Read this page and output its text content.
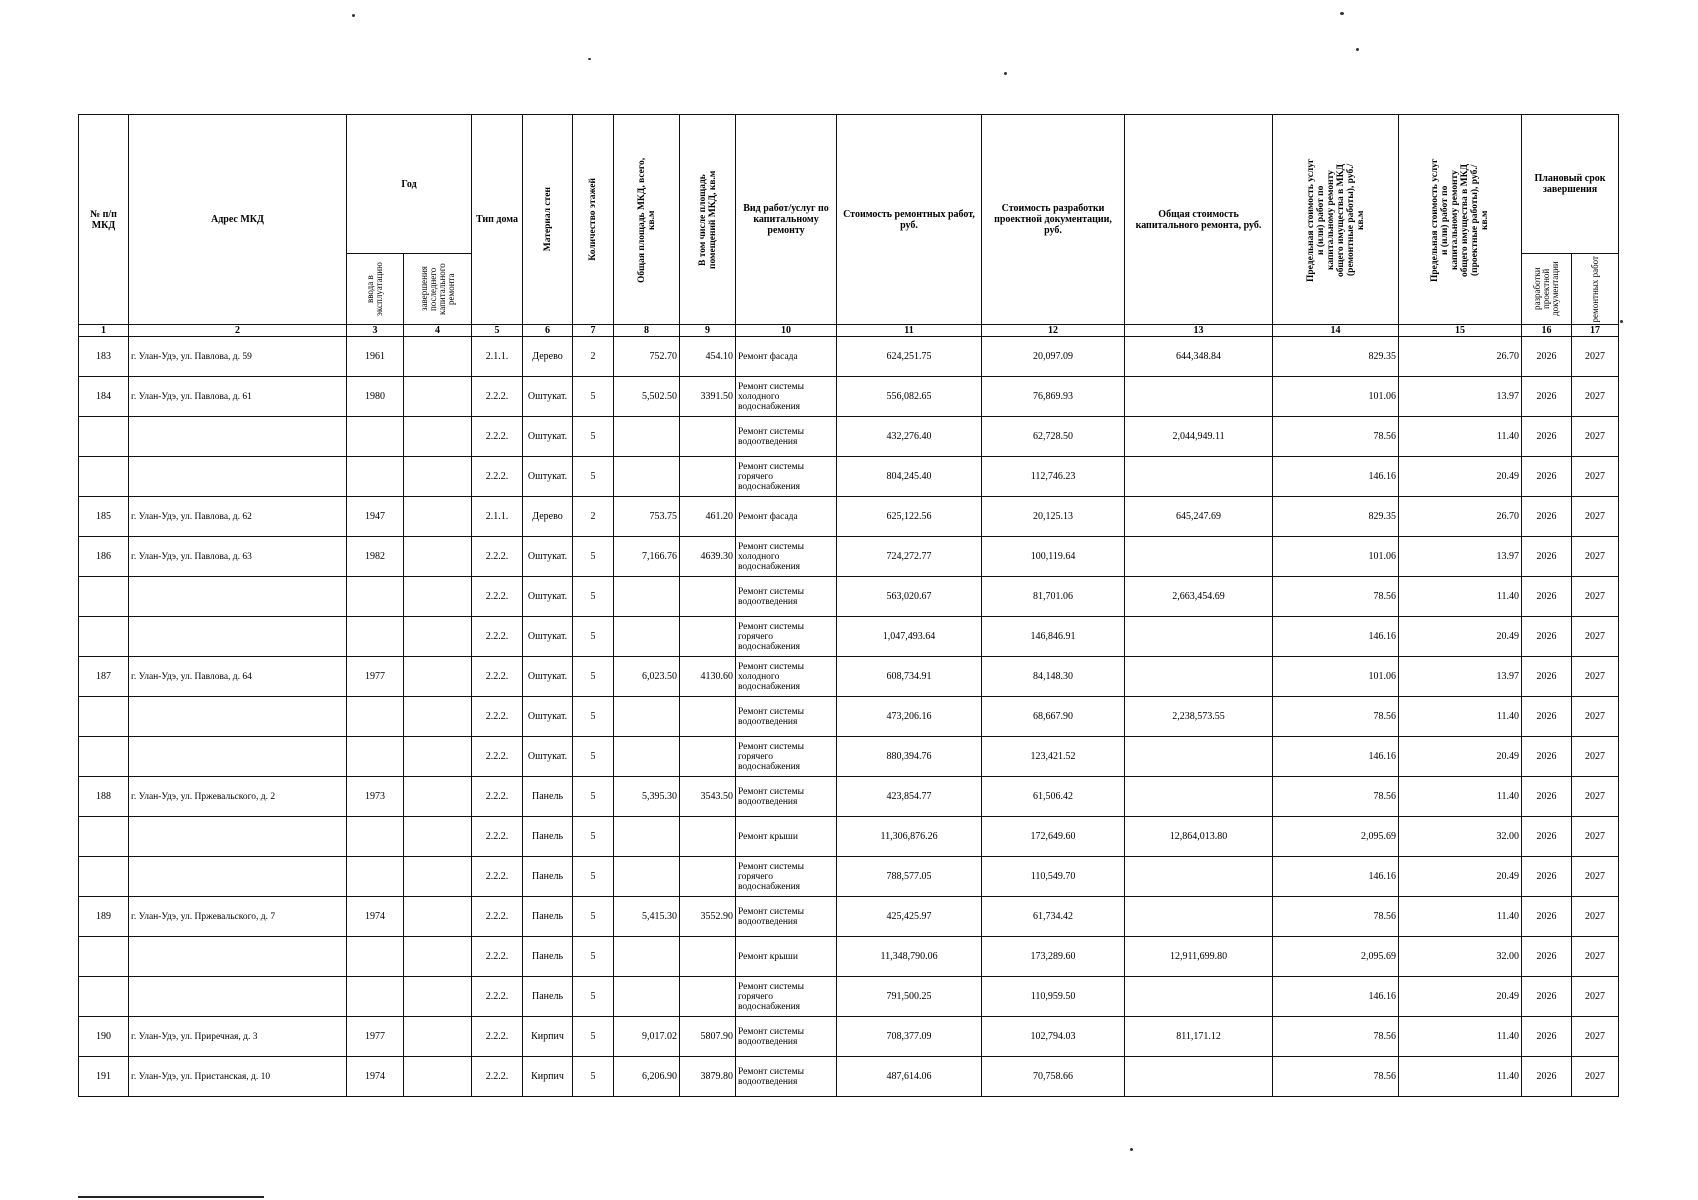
№ п/п МКД	Адрес МКД	Год		Тип дома	Материал стен	Количество этажей	Общая площадь МКД, всего, кв.м	В том числе площадь помещений МКД, кв.м	Вид работ/услуг по капитальному ремонту	Стоимость ремонтных работ, руб.	Стоимость разработки проектной документации, руб.	Общая стоимость капитального ремонта, руб.	Предельная стоимость услуг и (или) работ по капитальному ремонту общего имущества в МКД (ремонтные работы), руб./кв.м	Предельная стоимость услуг и (или) работ по капитальному ремонту общего имущества в МКД (проектные работы), руб./кв.м	Плановый срок завершения	

		ввода в эксплуатацию	завершения последнего капитального ремонта												разработки проектной документации	ремонтных работ

1	2	3	4	5	6	7	8	9	10	11	12	13	14	15	16	17
183	г. Улан-Удэ, ул. Павлова, д. 59	1961		2.1.1.	Дерево	2	752.70	454.10	Ремонт фасада	624,251.75	20,097.09	644,348.84	829.35	26.70	2026	2027
184	г. Улан-Удэ, ул. Павлова, д. 61	1980		2.2.2.	Оштукат.	5	5,502.50	3391.50	Ремонт системы холодного водоснабжения	556,082.65	76,869.93		101.06	13.97	2026	2027
				2.2.2.	Оштукат.	5			Ремонт системы водоотведения	432,276.40	62,728.50	2,044,949.11	78.56	11.40	2026	2027
				2.2.2.	Оштукат.	5			Ремонт системы горячего водоснабжения	804,245.40	112,746.23		146.16	20.49	2026	2027
185	г. Улан-Удэ, ул. Павлова, д. 62	1947		2.1.1.	Дерево	2	753.75	461.20	Ремонт фасада	625,122.56	20,125.13	645,247.69	829.35	26.70	2026	2027
186	г. Улан-Удэ, ул. Павлова, д. 63	1982		2.2.2.	Оштукат.	5	7,166.76	4639.30	Ремонт системы холодного водоснабжения	724,272.77	100,119.64		101.06	13.97	2026	2027
				2.2.2.	Оштукат.	5			Ремонт системы водоотведения	563,020.67	81,701.06	2,663,454.69	78.56	11.40	2026	2027
				2.2.2.	Оштукат.	5			Ремонт системы горячего водоснабжения	1,047,493.64	146,846.91		146.16	20.49	2026	2027
187	г. Улан-Удэ, ул. Павлова, д. 64	1977		2.2.2.	Оштукат.	5	6,023.50	4130.60	Ремонт системы холодного водоснабжения	608,734.91	84,148.30		101.06	13.97	2026	2027
				2.2.2.	Оштукат.	5			Ремонт системы водоотведения	473,206.16	68,667.90	2,238,573.55	78.56	11.40	2026	2027
				2.2.2.	Оштукат.	5			Ремонт системы горячего водоснабжения	880,394.76	123,421.52		146.16	20.49	2026	2027
188	г. Улан-Удэ, ул. Пржевальского, д. 2	1973		2.2.2.	Панель	5	5,395.30	3543.50	Ремонт системы водоотведения	423,854.77	61,506.42		78.56	11.40	2026	2027
				2.2.2.	Панель	5			Ремонт крыши	11,306,876.26	172,649.60	12,864,013.80	2,095.69	32.00	2026	2027
				2.2.2.	Панель	5			Ремонт системы горячего водоснабжения	788,577.05	110,549.70		146.16	20.49	2026	2027
189	г. Улан-Удэ, ул. Пржевальского, д. 7	1974		2.2.2.	Панель	5	5,415.30	3552.90	Ремонт системы водоотведения	425,425.97	61,734.42		78.56	11.40	2026	2027
				2.2.2.	Панель	5			Ремонт крыши	11,348,790.06	173,289.60	12,911,699.80	2,095.69	32.00	2026	2027
				2.2.2.	Панель	5			Ремонт системы горячего водоснабжения	791,500.25	110,959.50		146.16	20.49	2026	2027
190	г. Улан-Удэ, ул. Приречная, д. 3	1977		2.2.2.	Кирпич	5	9,017.02	5807.90	Ремонт системы водоотведения	708,377.09	102,794.03	811,171.12	78.56	11.40	2026	2027
191	г. Улан-Удэ, ул. Пристанская, д. 10	1974		2.2.2.	Кирпич	5	6,206.90	3879.80	Ремонт системы водоотведения	487,614.06	70,758.66		78.56	11.40	2026	2027
